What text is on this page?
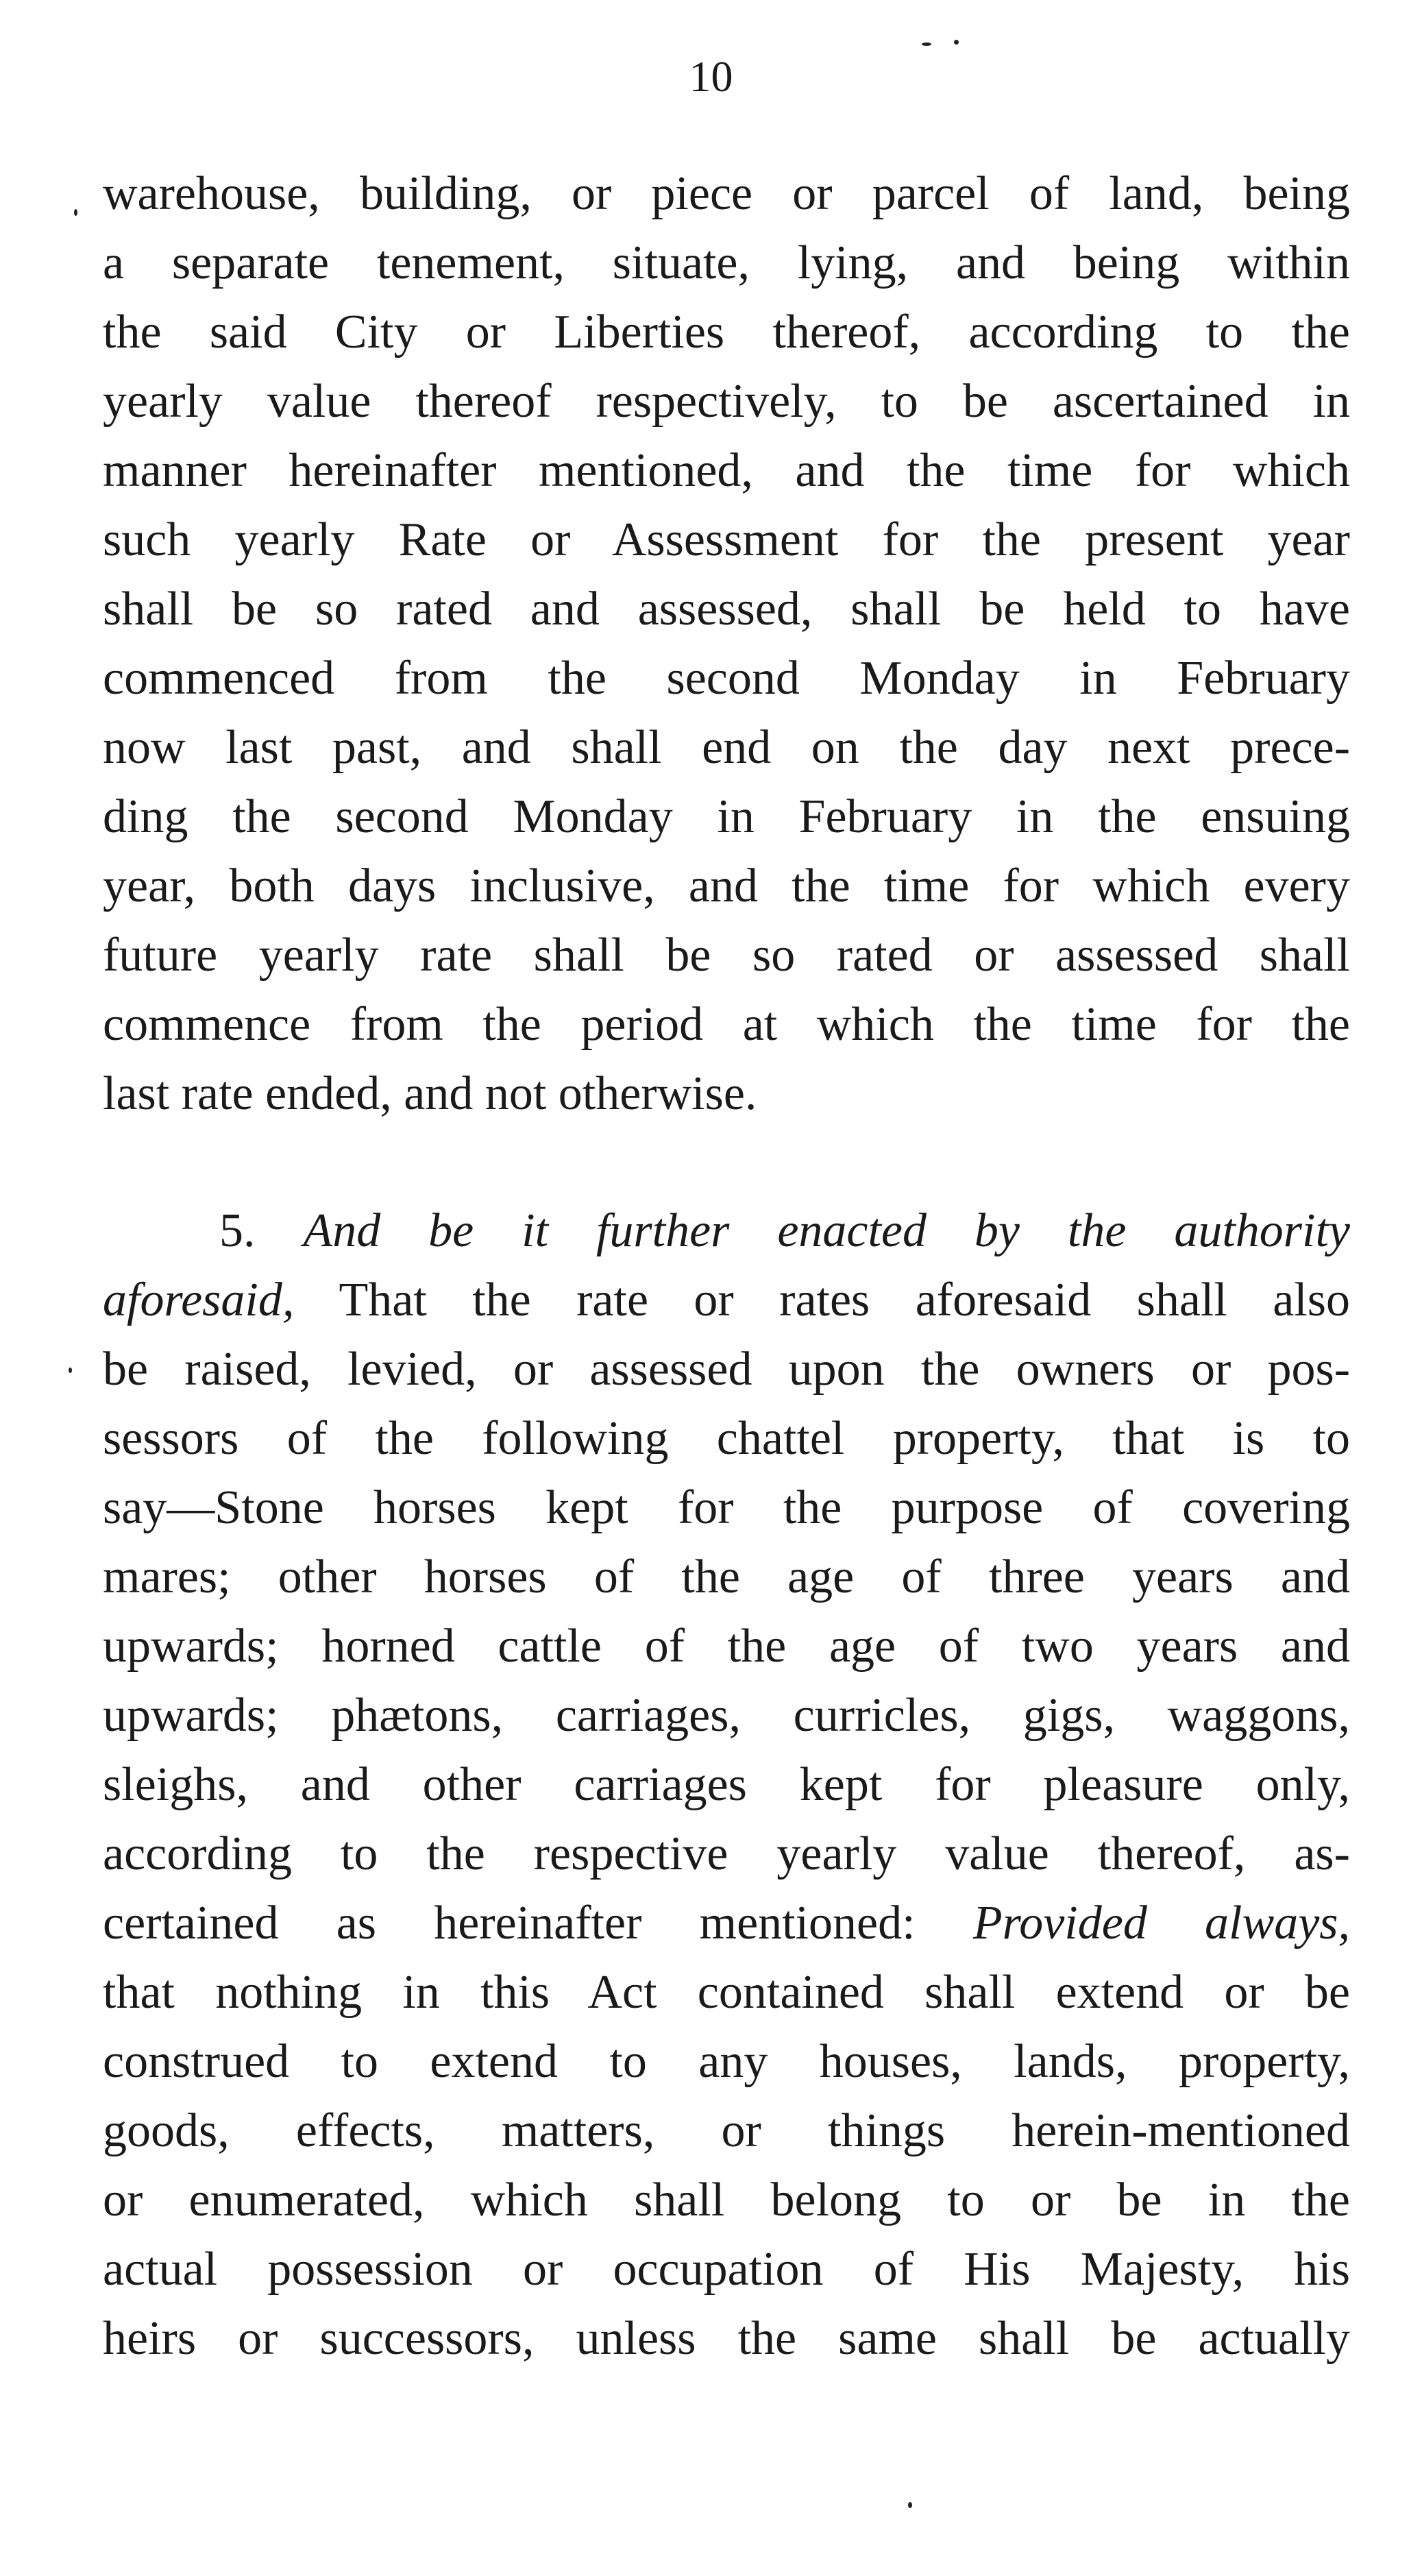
10
warehouse, building, or piece or parcel of land, being
a separate tenement, situate, lying, and being within
the said City or Liberties thereof, according to the
yearly value thereof respectively, to be ascertained in
manner hereinafter mentioned, and the time for which
such yearly Rate or Assessment for the present year
shall be so rated and assessed, shall be held to have
commenced from the second Monday in February
now last past, and shall end on the day next prece-
ding the second Monday in February in the ensuing
year, both days inclusive, and the time for which every
future yearly rate shall be so rated or assessed shall
commence from the period at which the time for the
last rate ended, and not otherwise.
5. And be it further enacted by the authority
aforesaid, That the rate or rates aforesaid shall also
be raised, levied, or assessed upon the owners or pos-
sessors of the following chattel property, that is to
say—Stone horses kept for the purpose of covering
mares; other horses of the age of three years and
upwards; horned cattle of the age of two years and
upwards; phætons, carriages, curricles, gigs, waggons,
sleighs, and other carriages kept for pleasure only,
according to the respective yearly value thereof, as-
certained as hereinafter mentioned: Provided always,
that nothing in this Act contained shall extend or be
construed to extend to any houses, lands, property,
goods, effects, matters, or things herein-mentioned
or enumerated, which shall belong to or be in the
actual possession or occupation of His Majesty, his
heirs or successors, unless the same shall be actually
